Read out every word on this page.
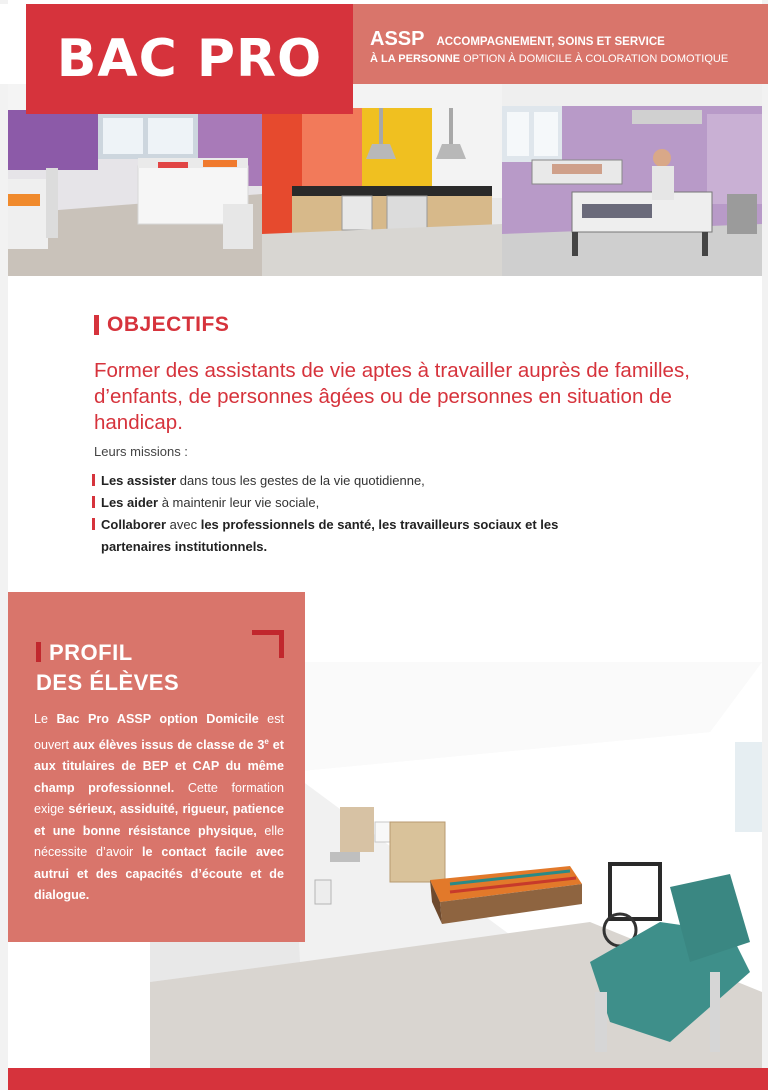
BAC PRO ASSP ACCOMPAGNEMENT, SOINS ET SERVICE
À LA PERSONNE OPTION À DOMICILE À COLORATION DOMOTIQUE
OBJECTIFS

Former des assistants de vie aptes à travailler auprès de familles, d’enfants, de personnes âgées ou de personnes en situation de handicap.

Leurs missions :

Les assister dans tous les gestes de la vie quotidienne,
Les aider à maintenir leur vie sociale,
Collaborer avec les professionnels de santé, les travailleurs sociaux et les
partenaires institutionnels.
PROFIL
DES ÉLÈVES

Le Bac Pro ASSP option Domicile est ouvert aux élèves issus de classe de 3e et aux titulaires de BEP et CAP du même champ professionnel. Cette formation exige sérieux, assiduité, rigueur, patience et une bonne résistance physique, elle nécessite d’avoir le contact facile avec autrui et des capacités d’écoute et de dialogue.
